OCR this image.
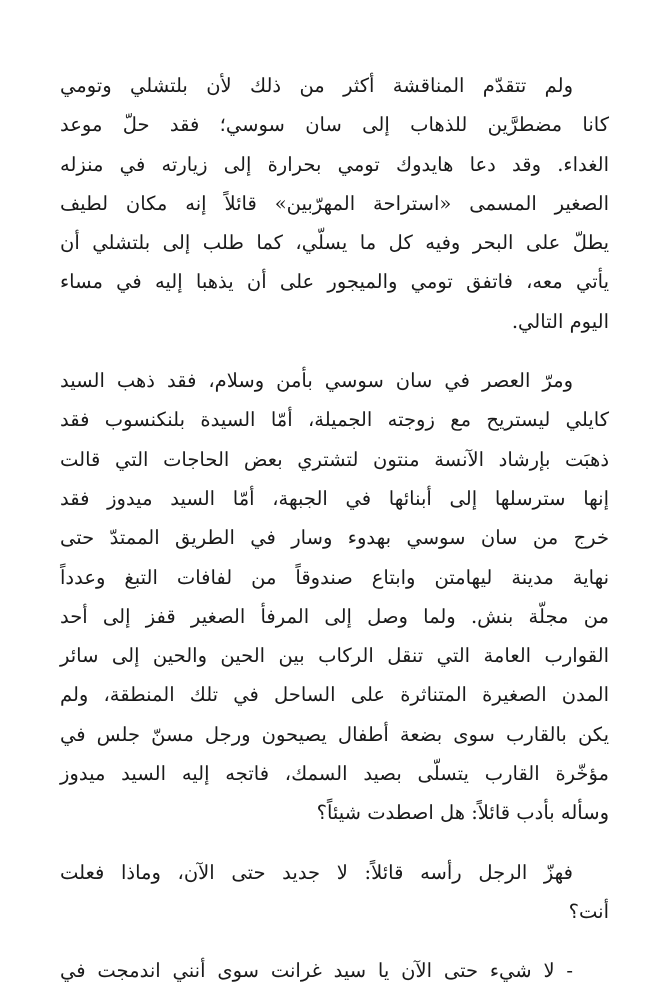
ولم تتقدّم المناقشة أكثر من ذلك لأن بلتشلي وتومي
كانا مضطرَّين للذهاب إلى سان سوسي؛ فقد حلّ موعد
الغداء. وقد دعا هايدوك تومي بحرارة إلى زيارته في منزله
الصغير المسمى «استراحة المهرّبين» قائلاً إنه مكان لطيف
يطلّ على البحر وفيه كل ما يسلّي، كما طلب إلى بلتشلي أن
يأتي معه، فاتفق تومي والميجور على أن يذهبا إليه في مساء
اليوم التالي.

ومرّ العصر في سان سوسي بأمن وسلام، فقد ذهب السيد
كايلي ليستريح مع زوجته الجميلة، أمّا السيدة بلنكنسوب فقد
ذهبَت بإرشاد الآنسة منتون لتشتري بعض الحاجات التي قالت
إنها سترسلها إلى أبنائها في الجبهة، أمّا السيد ميدوز فقد
خرج من سان سوسي بهدوء وسار في الطريق الممتدّ حتى
نهاية مدينة ليهامتن وابتاع صندوقاً من لفافات التبغ وعدداً
من مجلّة بنش. ولما وصل إلى المرفأ الصغير قفز إلى أحد
القوارب العامة التي تنقل الركاب بين الحين والحين إلى سائر
المدن الصغيرة المتناثرة على الساحل في تلك المنطقة، ولم
يكن بالقارب سوى بضعة أطفال يصيحون ورجل مسنّ جلس في
مؤخّرة القارب يتسلّى بصيد السمك، فاتجه إليه السيد ميدوز
وسأله بأدب قائلاً: هل اصطدت شيئاً؟

فهزّ الرجل رأسه قائلاً: لا جديد حتى الآن، وماذا فعلت
أنت؟

- لا شيء حتى الآن يا سيد غرانت سوى أنني اندمجت في
